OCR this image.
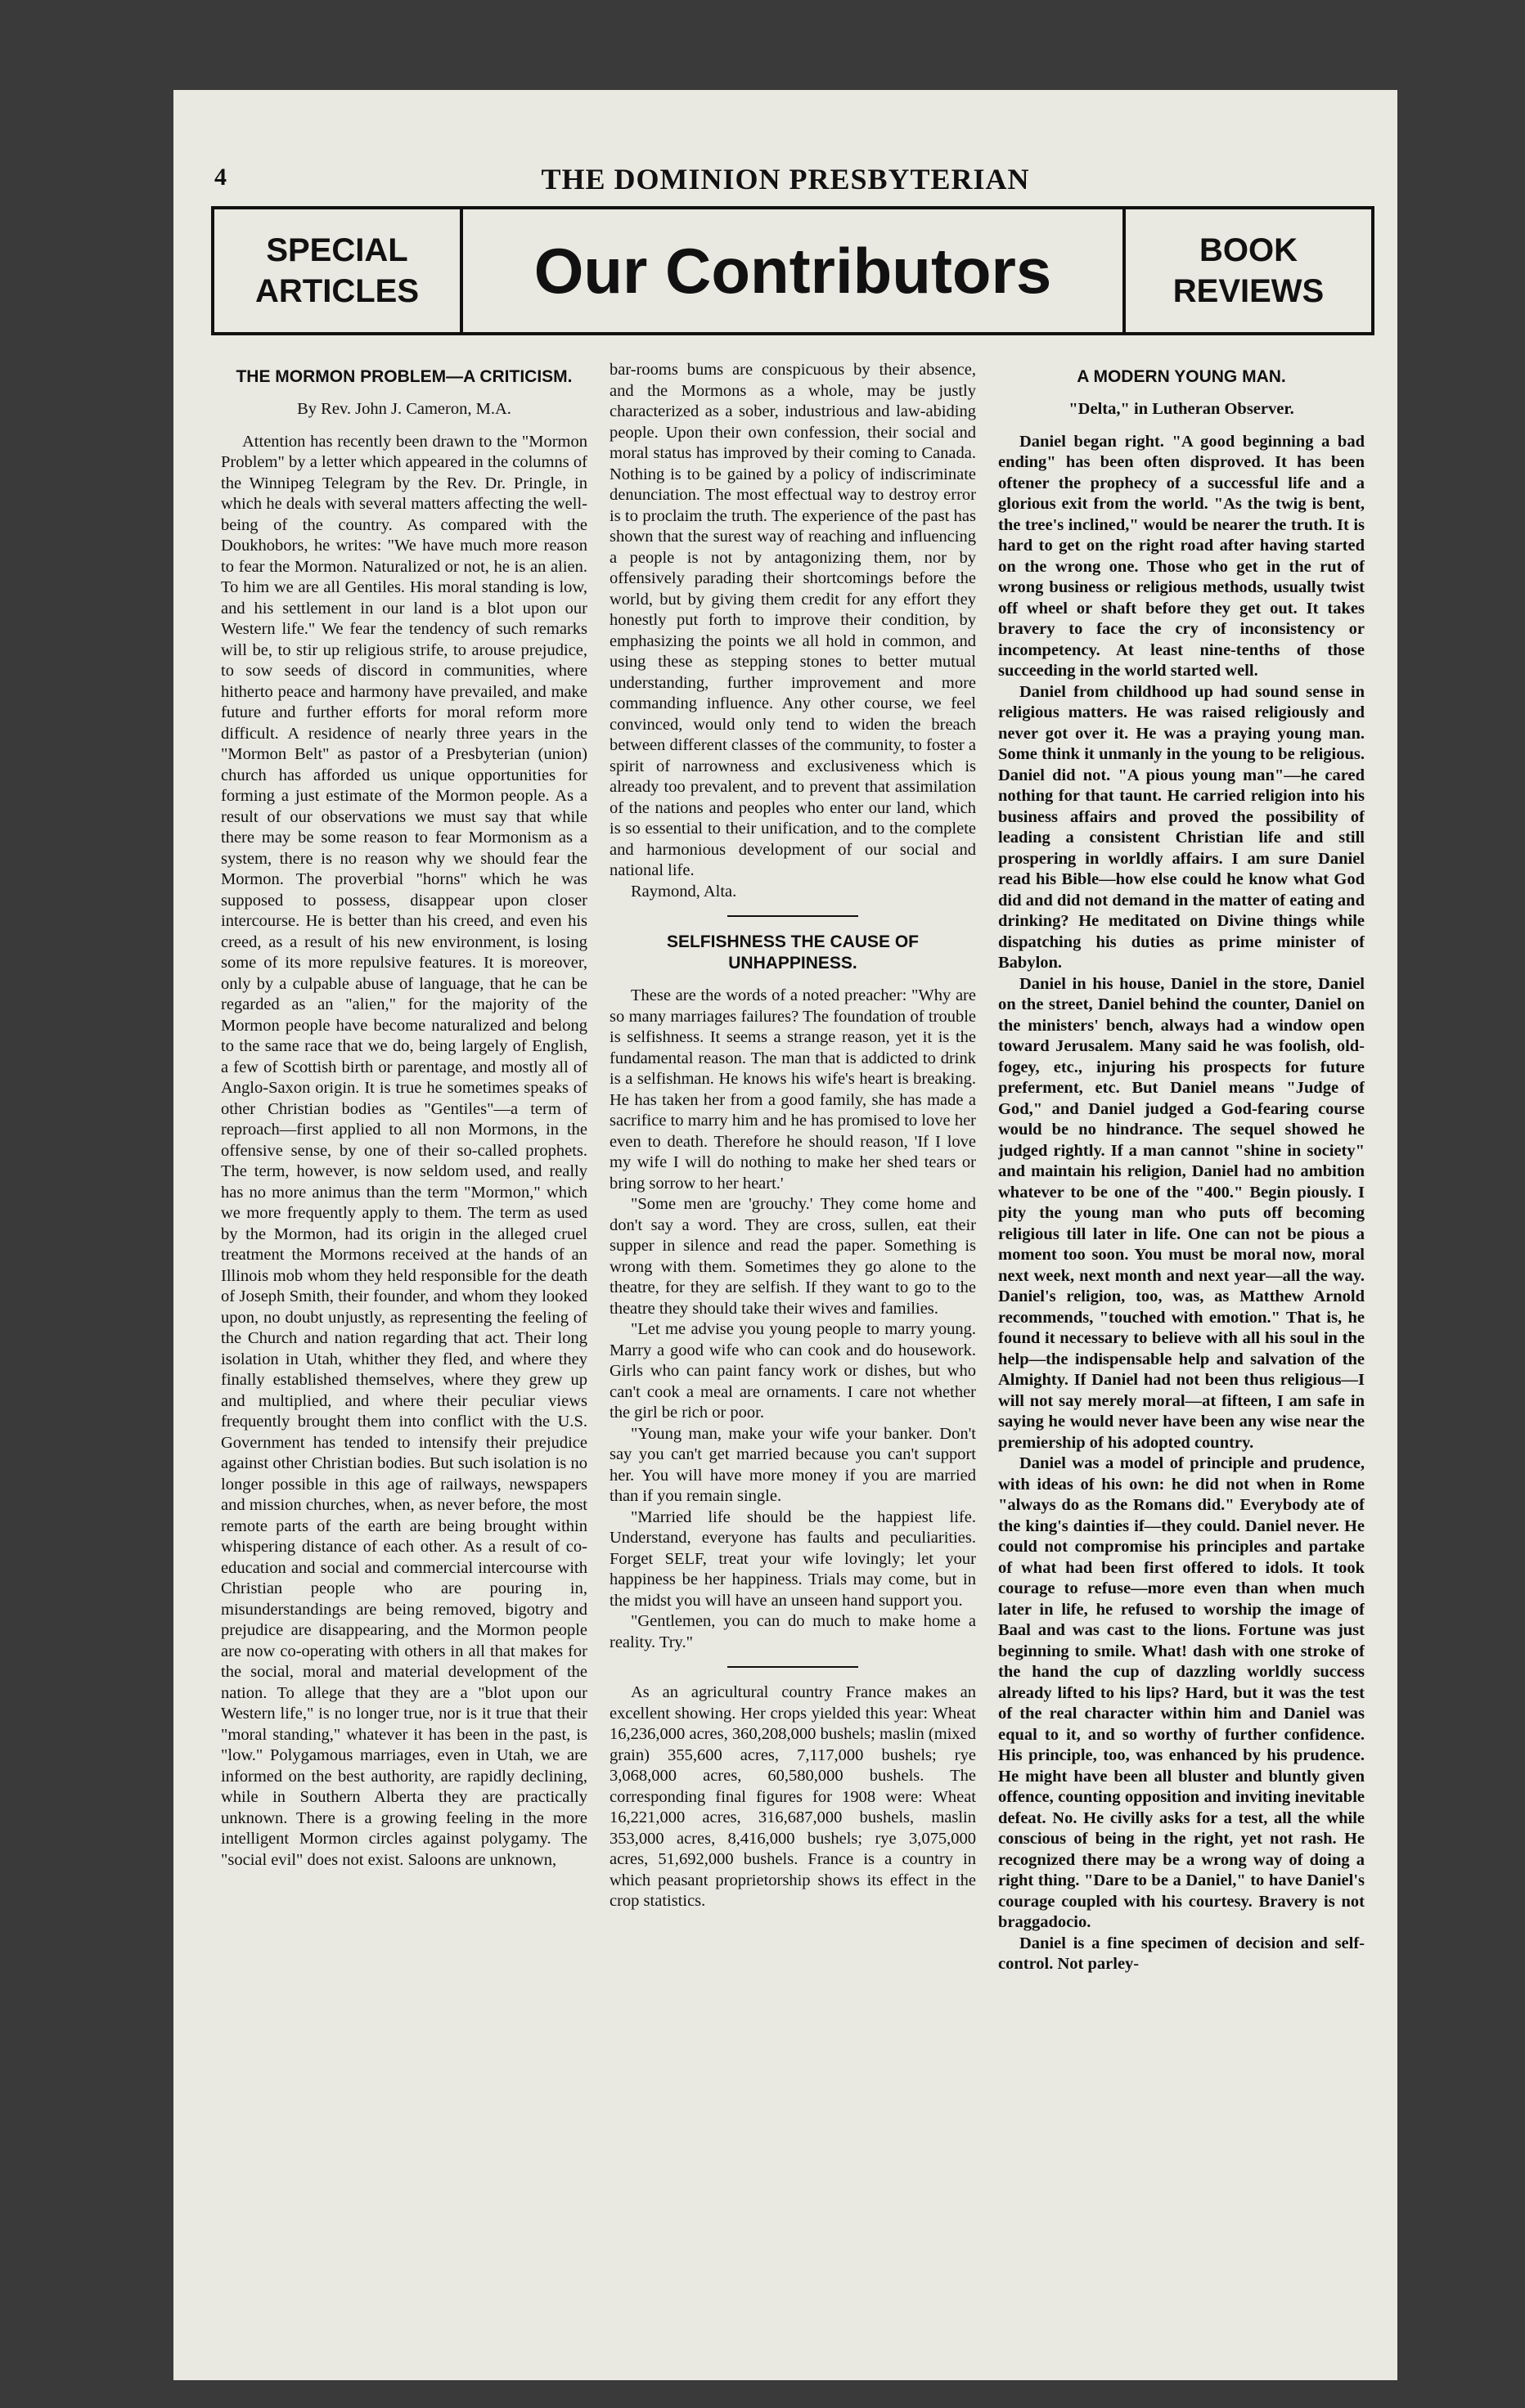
4	THE DOMINION PRESBYTERIAN
SPECIAL
ARTICLES	Our Contributors	BOOK
REVIEWS
THE MORMON PROBLEM—A CRITICISM.
By Rev. John J. Cameron, M.A.

Attention has recently been drawn to the "Mormon Problem" by a letter which appeared in the columns of the Winnipeg Telegram by the Rev. Dr. Pringle, in which he deals with several matters affecting the well-being of the country. As compared with the Doukhobors, he writes: "We have much more reason to fear the Mormon. Naturalized or not, he is an alien. To him we are all Gentiles. His moral standing is low, and his settlement in our land is a blot upon our Western life." We fear the tendency of such remarks will be, to stir up religious strife, to arouse prejudice, to sow seeds of discord in communities, where hitherto peace and harmony have prevailed, and make future and further efforts for moral reform more difficult. A residence of nearly three years in the "Mormon Belt" as pastor of a Presbyterian (union) church has afforded us unique opportunities for forming a just estimate of the Mormon people. As a result of our observations we must say that while there may be some reason to fear Mormonism as a system, there is no reason why we should fear the Mormon. The proverbial "horns" which he was supposed to possess, disappear upon closer intercourse. He is better than his creed, and even his creed, as a result of his new environment, is losing some of its more repulsive features. It is moreover, only by a culpable abuse of language, that he can be regarded as an "alien," for the majority of the Mormon people have become naturalized and belong to the same race that we do, being largely of English, a few of Scottish birth or parentage, and mostly all of Anglo-Saxon origin. It is true he sometimes speaks of other Christian bodies as "Gentiles"—a term of reproach—first applied to all non Mormons, in the offensive sense, by one of their so-called prophets. The term, however, is now seldom used, and really has no more animus than the term "Mormon," which we more frequently apply to them. The term as used by the Mormon, had its origin in the alleged cruel treatment the Mormons received at the hands of an Illinois mob whom they held responsible for the death of Joseph Smith, their founder, and whom they looked upon, no doubt unjustly, as representing the feeling of the Church and nation regarding that act. Their long isolation in Utah, whither they fled, and where they finally established themselves, where they grew up and multiplied, and where their peculiar views frequently brought them into conflict with the U.S. Government has tended to intensify their prejudice against other Christian bodies. But such isolation is no longer possible in this age of railways, newspapers and mission churches, when, as never before, the most remote parts of the earth are being brought within whispering distance of each other. As a result of co-education and social and commercial intercourse with Christian people who are pouring in, misunderstandings are being removed, bigotry and prejudice are disappearing, and the Mormon people are now co-operating with others in all that makes for the social, moral and material development of the nation. To allege that they are a "blot upon our Western life," is no longer true, nor is it true that their "moral standing," whatever it has been in the past, is "low." Polygamous marriages, even in Utah, we are informed on the best authority, are rapidly declining, while in Southern Alberta they are practically unknown. There is a growing feeling in the more intelligent Mormon circles against polygamy. The "social evil" does not exist. Saloons are unknown,

bar-rooms bums are conspicuous by their absence, and the Mormons as a whole, may be justly characterized as a sober, industrious and law-abiding people. Upon their own confession, their social and moral status has improved by their coming to Canada. Nothing is to be gained by a policy of indiscriminate denunciation. The most effectual way to destroy error is to proclaim the truth. The experience of the past has shown that the surest way of reaching and influencing a people is not by antagonizing them, nor by offensively parading their shortcomings before the world, but by giving them credit for any effort they honestly put forth to improve their condition, by emphasizing the points we all hold in common, and using these as stepping stones to better mutual understanding, further improvement and more commanding influence. Any other course, we feel convinced, would only tend to widen the breach between different classes of the community, to foster a spirit of narrowness and exclusiveness which is already too prevalent, and to prevent that assimilation of the nations and peoples who enter our land, which is so essential to their unification, and to the complete and harmonious development of our social and national life.

Raymond, Alta.

SELFISHNESS THE CAUSE OF UNHAPPINESS.

These are the words of a noted preacher: "Why are so many marriages failures? The foundation of trouble is selfishness. It seems a strange reason, yet it is the fundamental reason. The man that is addicted to drink is a selfishman. He knows his wife's heart is breaking. He has taken her from a good family, she has made a sacrifice to marry him and he has promised to love her even to death. Therefore he should reason, 'If I love my wife I will do nothing to make her shed tears or bring sorrow to her heart.'

"Some men are 'grouchy.' They come home and don't say a word. They are cross, sullen, eat their supper in silence and read the paper. Something is wrong with them. Sometimes they go alone to the theatre, for they are selfish. If they want to go to the theatre they should take their wives and families.

"Let me advise you young people to marry young. Marry a good wife who can cook and do housework. Girls who can paint fancy work or dishes, but who can't cook a meal are ornaments. I care not whether the girl be rich or poor.

"Young man, make your wife your banker. Don't say you can't get married because you can't support her. You will have more money if you are married than if you remain single.

"Married life should be the happiest life. Understand, everyone has faults and peculiarities. Forget SELF, treat your wife lovingly; let your happiness be her happiness. Trials may come, but in the midst you will have an unseen hand support you.

"Gentlemen, you can do much to make home a reality. Try."

As an agricultural country France makes an excellent showing. Her crops yielded this year: Wheat 16,236,000 acres, 360,208,000 bushels; maslin (mixed grain) 355,600 acres, 7,117,000 bushels; rye 3,068,000 acres, 60,580,000 bushels. The corresponding final figures for 1908 were: Wheat 16,221,000 acres, 316,687,000 bushels, maslin 353,000 acres, 8,416,000 bushels; rye 3,075,000 acres, 51,692,000 bushels. France is a country in which peasant proprietorship shows its effect in the crop statistics.

A MODERN YOUNG MAN.
"Delta," in Lutheran Observer.

Daniel began right. "A good beginning a bad ending" has been often disproved. It has been oftener the prophecy of a successful life and a glorious exit from the world. "As the twig is bent, the tree's inclined," would be nearer the truth. It is hard to get on the right road after having started on the wrong one. Those who get in the rut of wrong business or religious methods, usually twist off wheel or shaft before they get out. It takes bravery to face the cry of inconsistency or incompetency. At least nine-tenths of those succeeding in the world started well.

Daniel from childhood up had sound sense in religious matters. He was raised religiously and never got over it. He was a praying young man. Some think it unmanly in the young to be religious. Daniel did not. "A pious young man"—he cared nothing for that taunt. He carried religion into his business affairs and proved the possibility of leading a consistent Christian life and still prospering in worldly affairs. I am sure Daniel read his Bible—how else could he know what God did and did not demand in the matter of eating and drinking? He meditated on Divine things while dispatching his duties as prime minister of Babylon.

Daniel in his house, Daniel in the store, Daniel on the street, Daniel behind the counter, Daniel on the ministers' bench, always had a window open toward Jerusalem. Many said he was foolish, old-fogey, etc., injuring his prospects for future preferment, etc. But Daniel means "Judge of God," and Daniel judged a God-fearing course would be no hindrance. The sequel showed he judged rightly. If a man cannot "shine in society" and maintain his religion, Daniel had no ambition whatever to be one of the "400." Begin piously. I pity the young man who puts off becoming religious till later in life. One can not be pious a moment too soon. You must be moral now, moral next week, next month and next year—all the way. Daniel's religion, too, was, as Matthew Arnold recommends, "touched with emotion." That is, he found it necessary to believe with all his soul in the help—the indispensable help and salvation of the Almighty. If Daniel had not been thus religious—I will not say merely moral—at fifteen, I am safe in saying he would never have been any wise near the premiership of his adopted country.

Daniel was a model of principle and prudence, with ideas of his own: he did not when in Rome "always do as the Romans did." Everybody ate of the king's dainties if—they could. Daniel never. He could not compromise his principles and partake of what had been first offered to idols. It took courage to refuse—more even than when much later in life, he refused to worship the image of Baal and was cast to the lions. Fortune was just beginning to smile. What! dash with one stroke of the hand the cup of dazzling worldly success already lifted to his lips? Hard, but it was the test of the real character within him and Daniel was equal to it, and so worthy of further confidence. His principle, too, was enhanced by his prudence. He might have been all bluster and bluntly given offence, counting opposition and inviting inevitable defeat. No. He civilly asks for a test, all the while conscious of being in the right, yet not rash. He recognized there may be a wrong way of doing a right thing. "Dare to be a Daniel," to have Daniel's courage coupled with his courtesy. Bravery is not braggadocio.

Daniel is a fine specimen of decision and self-control. Not parley-
